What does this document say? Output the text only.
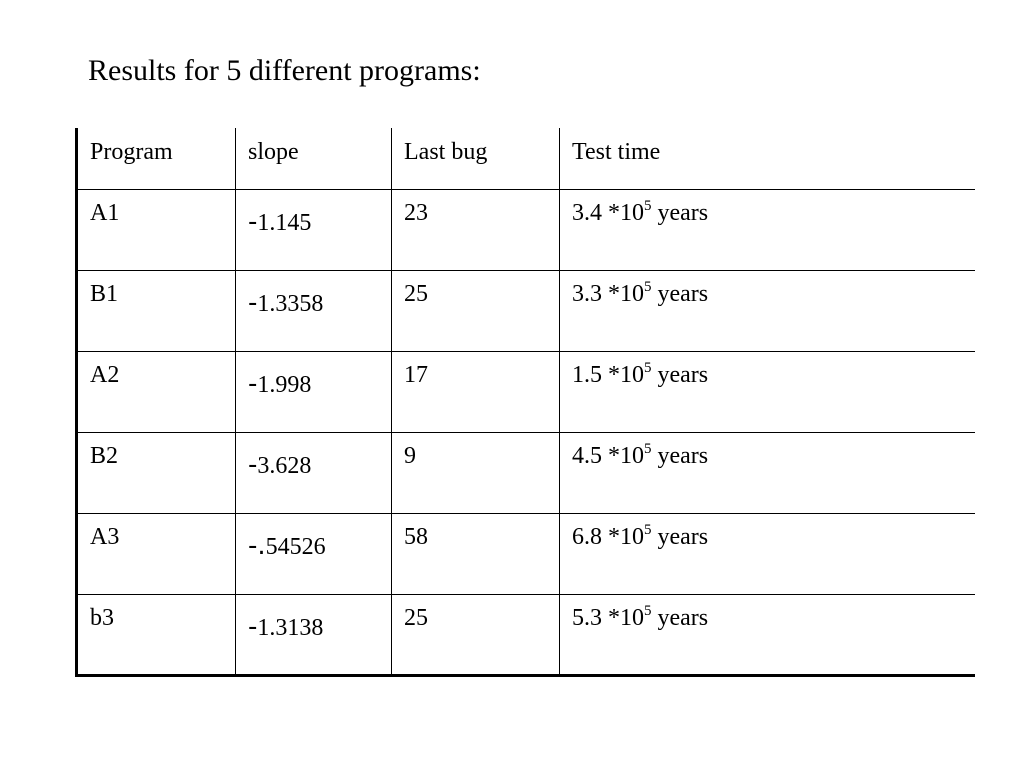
Results for 5 different programs:
Program	slope	Last bug	Test time
A1	-1.145	23	3.4 $*10^5$ years
B1	-1.3358	25	3.3 $*10^5$ years
A2	-1.998	17	1.5 $*10^5$ years
B2	-3.628	9	4.5 $*10^5$ years
A3	-.54526	58	6.8 $*10^5$ years
b3	-1.3138	25	5.3 $*10^5$ years
